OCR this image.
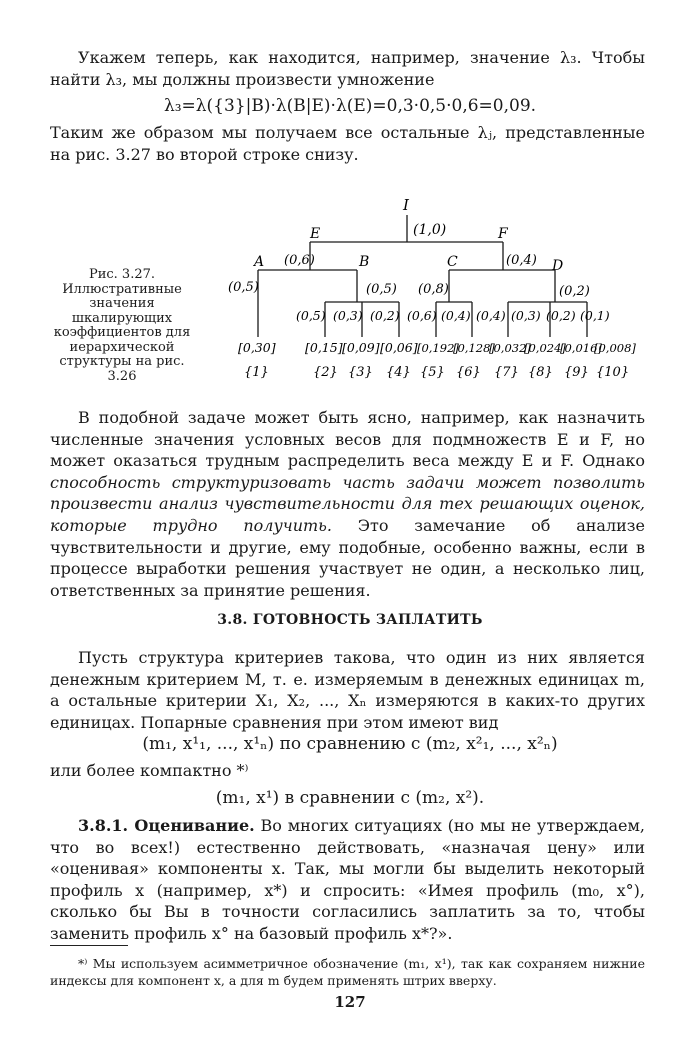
Укажем теперь, как находится, например, значение λ₃. Чтобы найти λ₃, мы должны произвести умножение

λ₃=λ({3}|B)·λ(B|E)·λ(E)=0,3·0,5·0,6=0,09.

Таким же образом мы получаем все остальные λⱼ, представленные на рис. 3.27 во второй строке снизу.

Рис. 3.27. Иллюстративные значения шкалирующих коэффициентов для иерархической структуры на рис. 3.26
I
(1,0)
E
(0,6)
F
(0,4)
A
(0,5)
B
(0,5)
C
(0,8)
D
(0,2)
(0,5) (0,3) (0,2) (0,6) (0,4) (0,4) (0,3) (0,2) (0,1)
[0,30] [0,15] [0,09] [0,06] [0,192]
[0,128]
[0,032]
[0,024]
[0,016]
[0,008]
{1}	{2} {3} {4} {5} {6} {7} {8} {9} {10}

В подобной задаче может быть ясно, например, как назначить численные значения условных весов для подмножеств E и F, но может оказаться трудным распределить веса между E и F. Однако способность структуризовать часть задачи может позволить произвести анализ чувствительности для тех решающих оценок, которые трудно получить. Это замечание об анализе чувствительности и другие, ему подобные, особенно важны, если в процессе выработки решения участвует не один, а несколько лиц, ответственных за принятие решения.

3.8. ГОТОВНОСТЬ ЗАПЛАТИТЬ

Пусть структура критериев такова, что один из них является денежным критерием M, т. е. измеряемым в денежных единицах m, а остальные критерии X₁, X₂, ..., Xₙ измеряются в каких-то других единицах. Попарные сравнения при этом имеют вид

(m₁, x¹₁, ..., x¹ₙ) по сравнению с (m₂, x²₁, ..., x²ₙ)

или более компактно *⁾

(m₁, x¹) в сравнении с (m₂, x²).

3.8.1. Оценивание. Во многих ситуациях (но мы не утверждаем, что во всех!) естественно действовать, «назначая цену» или «оценивая» компоненты x. Так, мы могли бы выделить некоторый профиль x (например, x*) и спросить: «Имея профиль (m₀, x°), сколько бы Вы в точности согласились заплатить за то, чтобы заменить профиль x° на базовый профиль x*?».

*⁾ Мы используем асимметричное обозначение (m₁, x¹), так как сохраняем нижние индексы для компонент x, а для m будем применять штрих вверху.

127
